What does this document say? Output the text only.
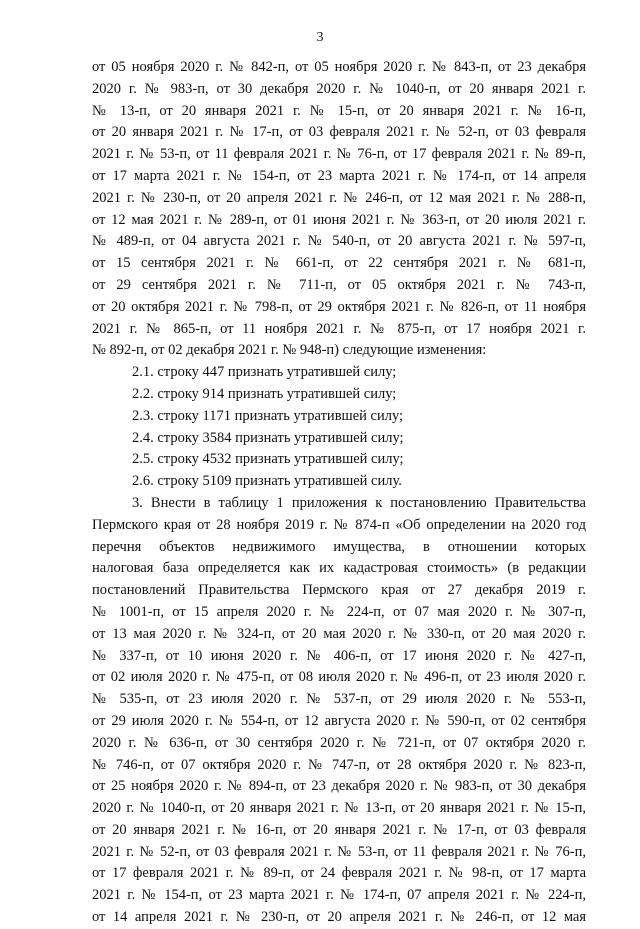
3
от 05 ноября 2020 г. № 842-п, от 05 ноября 2020 г. № 843-п, от 23 декабря
2020 г. № 983-п, от 30 декабря 2020 г. № 1040-п, от 20 января 2021 г.
№ 13-п, от 20 января 2021 г. № 15-п, от 20 января 2021 г. № 16-п,
от 20 января 2021 г. № 17-п, от 03 февраля 2021 г. № 52-п, от 03 февраля
2021 г. № 53-п, от 11 февраля 2021 г. № 76-п, от 17 февраля 2021 г. № 89-п,
от 17 марта 2021 г. № 154-п, от 23 марта 2021 г. № 174-п, от 14 апреля
2021 г. № 230-п, от 20 апреля 2021 г. № 246-п, от 12 мая 2021 г. № 288-п,
от 12 мая 2021 г. № 289-п, от 01 июня 2021 г. № 363-п, от 20 июля 2021 г.
№ 489-п, от 04 августа 2021 г. № 540-п, от 20 августа 2021 г. № 597-п,
от 15 сентября 2021 г. № 661-п, от 22 сентября 2021 г. № 681-п,
от 29 сентября 2021 г. № 711-п, от 05 октября 2021 г. № 743-п,
от 20 октября 2021 г. № 798-п, от 29 октября 2021 г. № 826-п, от 11 ноября
2021 г. № 865-п, от 11 ноября 2021 г. № 875-п, от 17 ноября 2021 г.
№ 892-п, от 02 декабря 2021 г. № 948-п) следующие изменения:
2.1. строку 447 признать утратившей силу;
2.2. строку 914 признать утратившей силу;
2.3. строку 1171 признать утратившей силу;
2.4. строку 3584 признать утратившей силу;
2.5. строку 4532 признать утратившей силу;
2.6. строку 5109 признать утратившей силу.
3. Внести в таблицу 1 приложения к постановлению Правительства
Пермского края от 28 ноября 2019 г. № 874-п «Об определении на 2020 год
перечня объектов недвижимого имущества, в отношении которых
налоговая база определяется как их кадастровая стоимость» (в редакции
постановлений Правительства Пермского края от 27 декабря 2019 г.
№ 1001-п, от 15 апреля 2020 г. № 224-п, от 07 мая 2020 г. № 307-п,
от 13 мая 2020 г. № 324-п, от 20 мая 2020 г. № 330-п, от 20 мая 2020 г.
№ 337-п, от 10 июня 2020 г. № 406-п, от 17 июня 2020 г. № 427-п,
от 02 июля 2020 г. № 475-п, от 08 июля 2020 г. № 496-п, от 23 июля 2020 г.
№ 535-п, от 23 июля 2020 г. № 537-п, от 29 июля 2020 г. № 553-п,
от 29 июля 2020 г. № 554-п, от 12 августа 2020 г. № 590-п, от 02 сентября
2020 г. № 636-п, от 30 сентября 2020 г. № 721-п, от 07 октября 2020 г.
№ 746-п, от 07 октября 2020 г. № 747-п, от 28 октября 2020 г. № 823-п,
от 25 ноября 2020 г. № 894-п, от 23 декабря 2020 г. № 983-п, от 30 декабря
2020 г. № 1040-п, от 20 января 2021 г. № 13-п, от 20 января 2021 г. № 15-п,
от 20 января 2021 г. № 16-п, от 20 января 2021 г. № 17-п, от 03 февраля
2021 г. № 52-п, от 03 февраля 2021 г. № 53-п, от 11 февраля 2021 г. № 76-п,
от 17 февраля 2021 г. № 89-п, от 24 февраля 2021 г. № 98-п, от 17 марта
2021 г. № 154-п, от 23 марта 2021 г. № 174-п, 07 апреля 2021 г. № 224-п,
от 14 апреля 2021 г. № 230-п, от 20 апреля 2021 г. № 246-п, от 12 мая
